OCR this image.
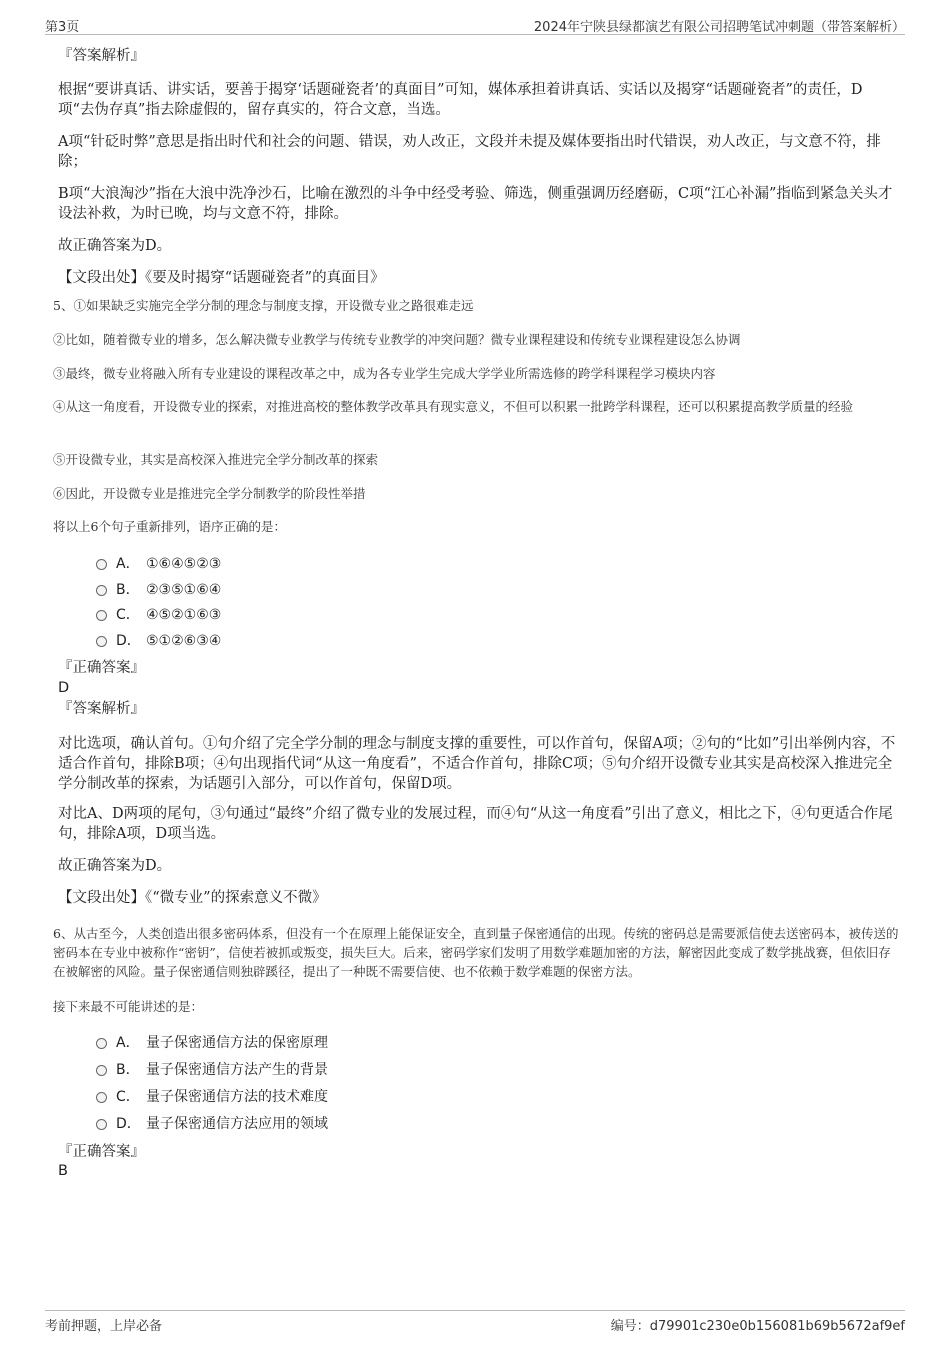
第3页	2024年宁陕县绿都演艺有限公司招聘笔试冲刺题（带答案解析）
『答案解析』
根据“要讲真话、讲实话，要善于揭穿‘话题碰瓷者’的真面目”可知，媒体承担着讲真话、实话以及揭穿“话题碰瓷者”的责任，D项“去伪存真”指去除虚假的，留存真实的，符合文意，当选。
A项“针砭时弊”意思是指出时代和社会的问题、错误，劝人改正，文段并未提及媒体要指出时代错误，劝人改正，与文意不符，排除；
B项“大浪淘沙”指在大浪中洗净沙石，比喻在激烈的斗争中经受考验、筛选，侧重强调历经磨砺，C项“江心补漏”指临到紧急关头才设法补救，为时已晚，均与文意不符，排除。
故正确答案为D。
【文段出处】《要及时揭穿“话题碰瓷者”的真面目》
5、①如果缺乏实施完全学分制的理念与制度支撑，开设微专业之路很难走远
②比如，随着微专业的增多，怎么解决微专业教学与传统专业教学的冲突问题？微专业课程建设和传统专业课程建设怎么协调
③最终，微专业将融入所有专业建设的课程改革之中，成为各专业学生完成大学学业所需选修的跨学科课程学习模块内容
④从这一角度看，开设微专业的探索，对推进高校的整体教学改革具有现实意义，不但可以积累一批跨学科课程，还可以积累提高教学质量的经验
⑤开设微专业，其实是高校深入推进完全学分制改革的探索
⑥因此，开设微专业是推进完全学分制教学的阶段性举措
将以上6个句子重新排列，语序正确的是：
A． ①⑥④⑤②③
B． ②③⑤①⑥④
C． ④⑤②①⑥③
D． ⑤①②⑥③④
『正确答案』
D
『答案解析』
对比选项，确认首句。①句介绍了完全学分制的理念与制度支撑的重要性，可以作首句，保留A项；②句的“比如”引出举例内容，不适合作首句，排除B项；④句出现指代词“从这一角度看”，不适合作首句，排除C项；⑤句介绍开设微专业其实是高校深入推进完全学分制改革的探索，为话题引入部分，可以作首句，保留D项。
对比A、D两项的尾句，③句通过“最终”介绍了微专业的发展过程，而④句“从这一角度看”引出了意义，相比之下，④句更适合作尾句，排除A项，D项当选。
故正确答案为D。
【文段出处】《“微专业”的探索意义不微》
6、从古至今，人类创造出很多密码体系，但没有一个在原理上能保证安全，直到量子保密通信的出现。传统的密码总是需要派信使去送密码本，被传送的密码本在专业中被称作“密钥”，信使若被抓或叛变，损失巨大。后来，密码学家们发明了用数学难题加密的方法，解密因此变成了数学挑战赛，但依旧存在被解密的风险。量子保密通信则独辟蹊径，提出了一种既不需要信使、也不依赖于数学难题的保密方法。
接下来最不可能讲述的是：
A． 量子保密通信方法的保密原理
B． 量子保密通信方法产生的背景
C． 量子保密通信方法的技术难度
D． 量子保密通信方法应用的领域
『正确答案』
B
考前押题，上岸必备	编号：d79901c230e0b156081b69b5672af9ef
